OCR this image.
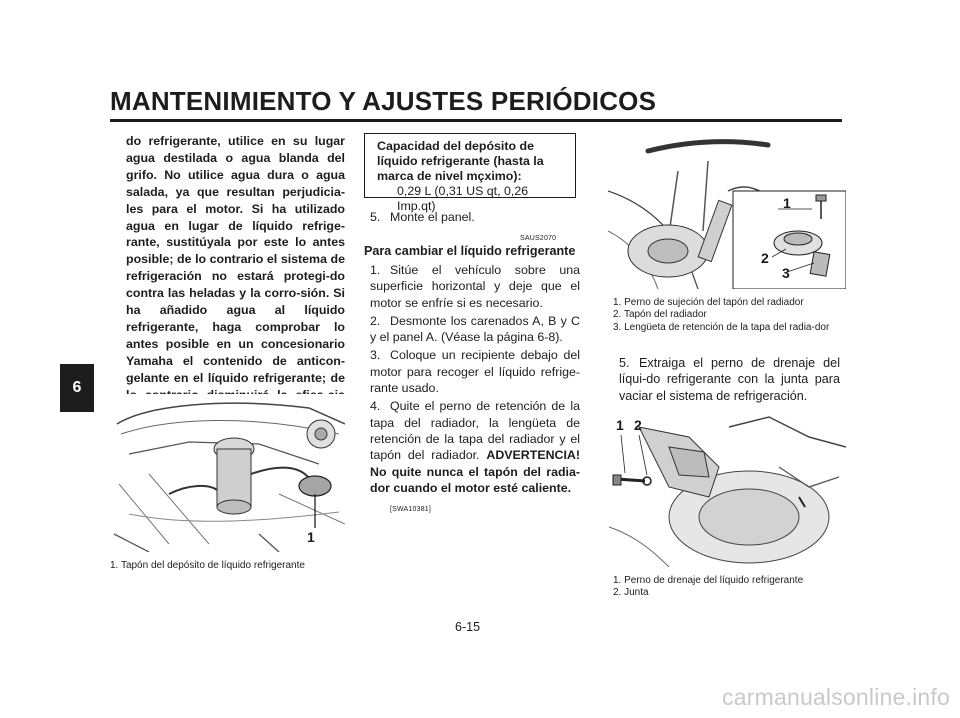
MANTENIMIENTO Y AJUSTES PERIÓDICOS
6
do refrigerante, utilice en su lugar agua destilada o agua blanda del grifo. No utilice agua dura o agua salada, ya que resultan perjudicia-les para el motor. Si ha utilizado agua en lugar de líquido refrige-rante, sustitúyala por este lo antes posible; de lo contrario el sistema de refrigeración no estará protegi-do contra las heladas y la corro-sión. Si ha añadido agua al líquido refrigerante, haga comprobar lo antes posible en un concesionario Yamaha el contenido de anticon-gelante en el líquido refrigerante; de
1
1. Tapón del depósito de líquido refrigerante
Capacidad del depósito de líquido refrigerante (hasta la marca de nivel mçximo):
0,29 L (0,31 US qt, 0,26 Imp.qt)
5. Monte el panel.
SAUS2070
Para cambiar el líquido refrigerante
1. Sitúe el vehículo sobre una superficie horizontal y deje que el motor se enfríe si es necesario.
2. Desmonte los carenados A, B y C y el panel A. (Véase la página 6-8).
3. Coloque un recipiente debajo del motor para recoger el líquido refrige-rante usado.
4. Quite el perno de retención de la tapa del radiador, la lengüeta de retención de la tapa del radiador y el tapón del radiador. ADVERTENCIA! No quite nunca el tapón del radia-dor cuando el motor esté caliente.
[SWA10381]
1
2
3
1. Perno de sujeción del tapón del radiador
2. Tapón del radiador
3. Lengüeta de retención de la tapa del radia-dor
5. Extraiga el perno de drenaje del líqui-do refrigerante con la junta para vaciar el sistema de refrigeración.
1 2
1. Perno de drenaje del líquido refrigerante
2. Junta
6-15
carmanualsonline.info
